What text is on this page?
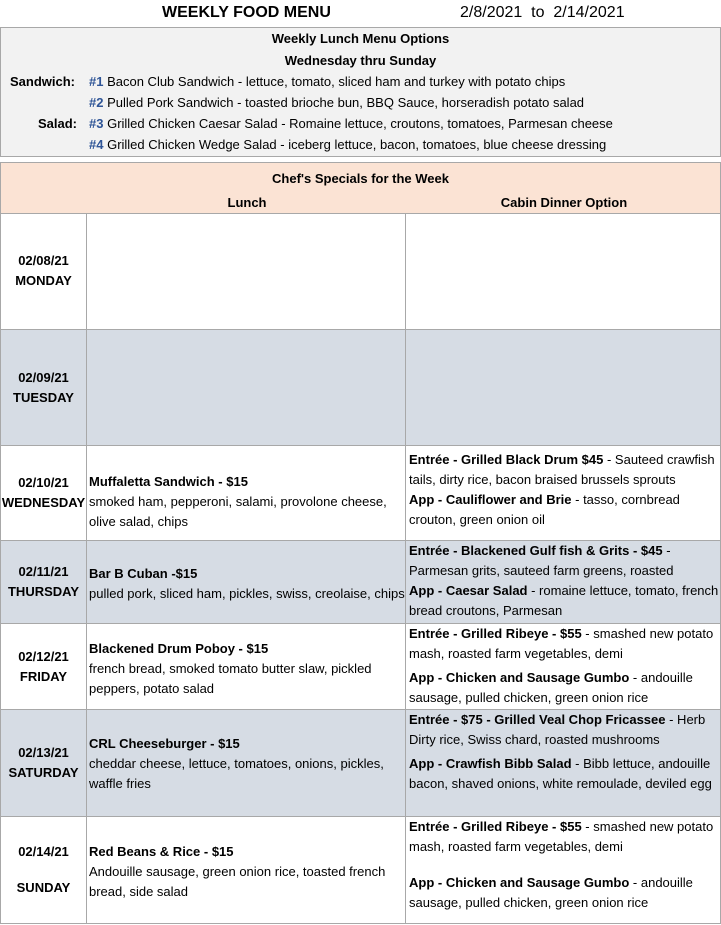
WEEKLY FOOD MENU	2/8/2021  to  2/14/2021
Weekly Lunch Menu Options
Wednesday thru Sunday
Sandwich:
Salad:
#1 Bacon Club Sandwich - lettuce, tomato, sliced ham and turkey with potato chips
#2 Pulled Pork Sandwich - toasted brioche bun, BBQ Sauce, horseradish potato salad
#3 Grilled Chicken Caesar Salad - Romaine lettuce, croutons, tomatoes, Parmesan cheese
#4 Grilled Chicken Wedge Salad - iceberg lettuce, bacon, tomatoes, blue cheese dressing
Chef's Specials for the Week
Lunch	Cabin Dinner Option
02/08/21
MONDAY
02/09/21
TUESDAY
02/10/21
WEDNESDAY
Muffaletta Sandwich - $15
smoked ham, pepperoni, salami, provolone cheese, olive salad, chips
Entrée - Grilled Black Drum $45 - Sauteed crawfish tails, dirty rice, bacon braised brussels sprouts
App - Cauliflower and Brie - tasso, cornbread crouton, green onion oil
02/11/21
THURSDAY
Bar B Cuban -$15
pulled pork, sliced ham, pickles, swiss, creolaise, chips
Entrée - Blackened Gulf fish & Grits - $45 - Parmesan grits, sauteed farm greens, roasted
App - Caesar Salad - romaine lettuce, tomato, french bread croutons, Parmesan
02/12/21
FRIDAY
Blackened Drum Poboy - $15
french bread, smoked tomato butter slaw, pickled peppers, potato salad
Entrée - Grilled Ribeye - $55 - smashed new potato mash, roasted farm vegetables, demi
App - Chicken and Sausage Gumbo - andouille sausage, pulled chicken, green onion rice
02/13/21
SATURDAY
CRL Cheeseburger - $15
cheddar cheese, lettuce, tomatoes, onions, pickles, waffle fries
Entrée - $75 - Grilled Veal Chop Fricassee - Herb Dirty rice, Swiss chard, roasted mushrooms
App - Crawfish Bibb Salad - Bibb lettuce, andouille bacon, shaved onions, white remoulade, deviled egg
02/14/21
SUNDAY
Red Beans & Rice - $15
Andouille sausage, green onion rice, toasted french bread, side salad
Entrée - Grilled Ribeye - $55 - smashed new potato mash, roasted farm vegetables, demi
App - Chicken and Sausage Gumbo - andouille sausage, pulled chicken, green onion rice
